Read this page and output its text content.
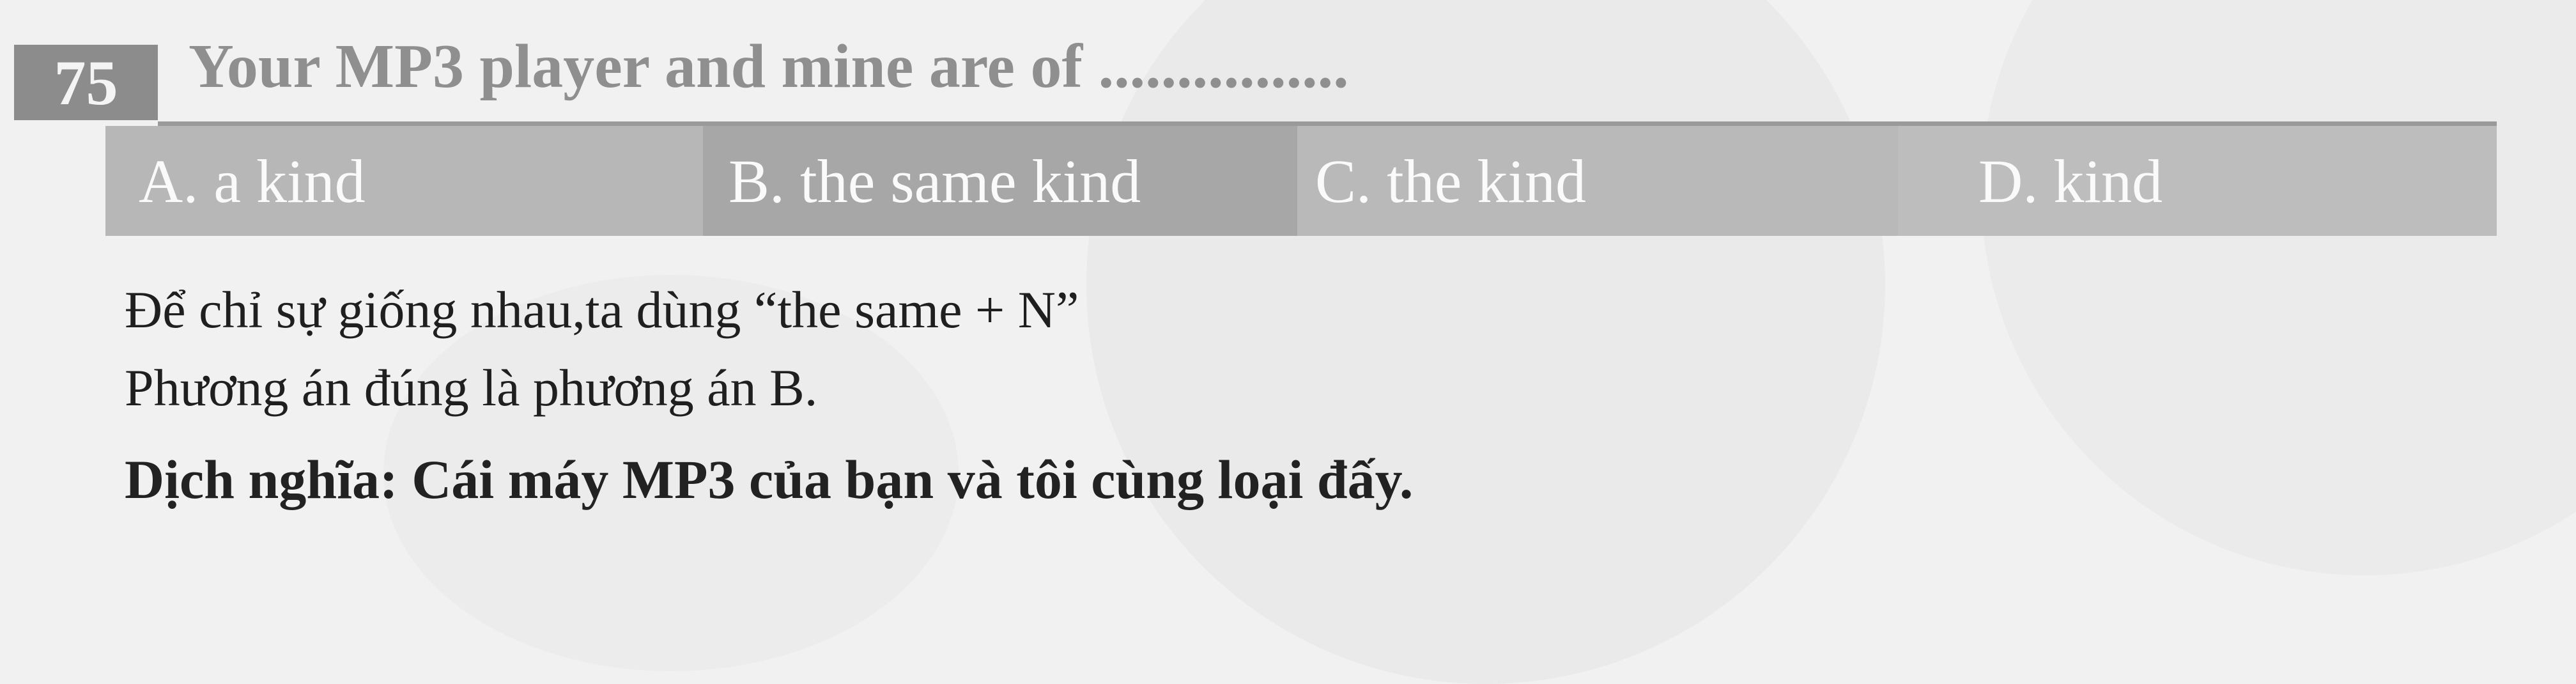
75	Your MP3 player and mine are of ................
A. a kind	B. the same kind	C. the kind	D. kind
Để chỉ sự giống nhau,ta dùng “the same + N”
Phương án đúng là phương án B.
Dịch nghĩa: Cái máy MP3 của bạn và tôi cùng loại đấy.
